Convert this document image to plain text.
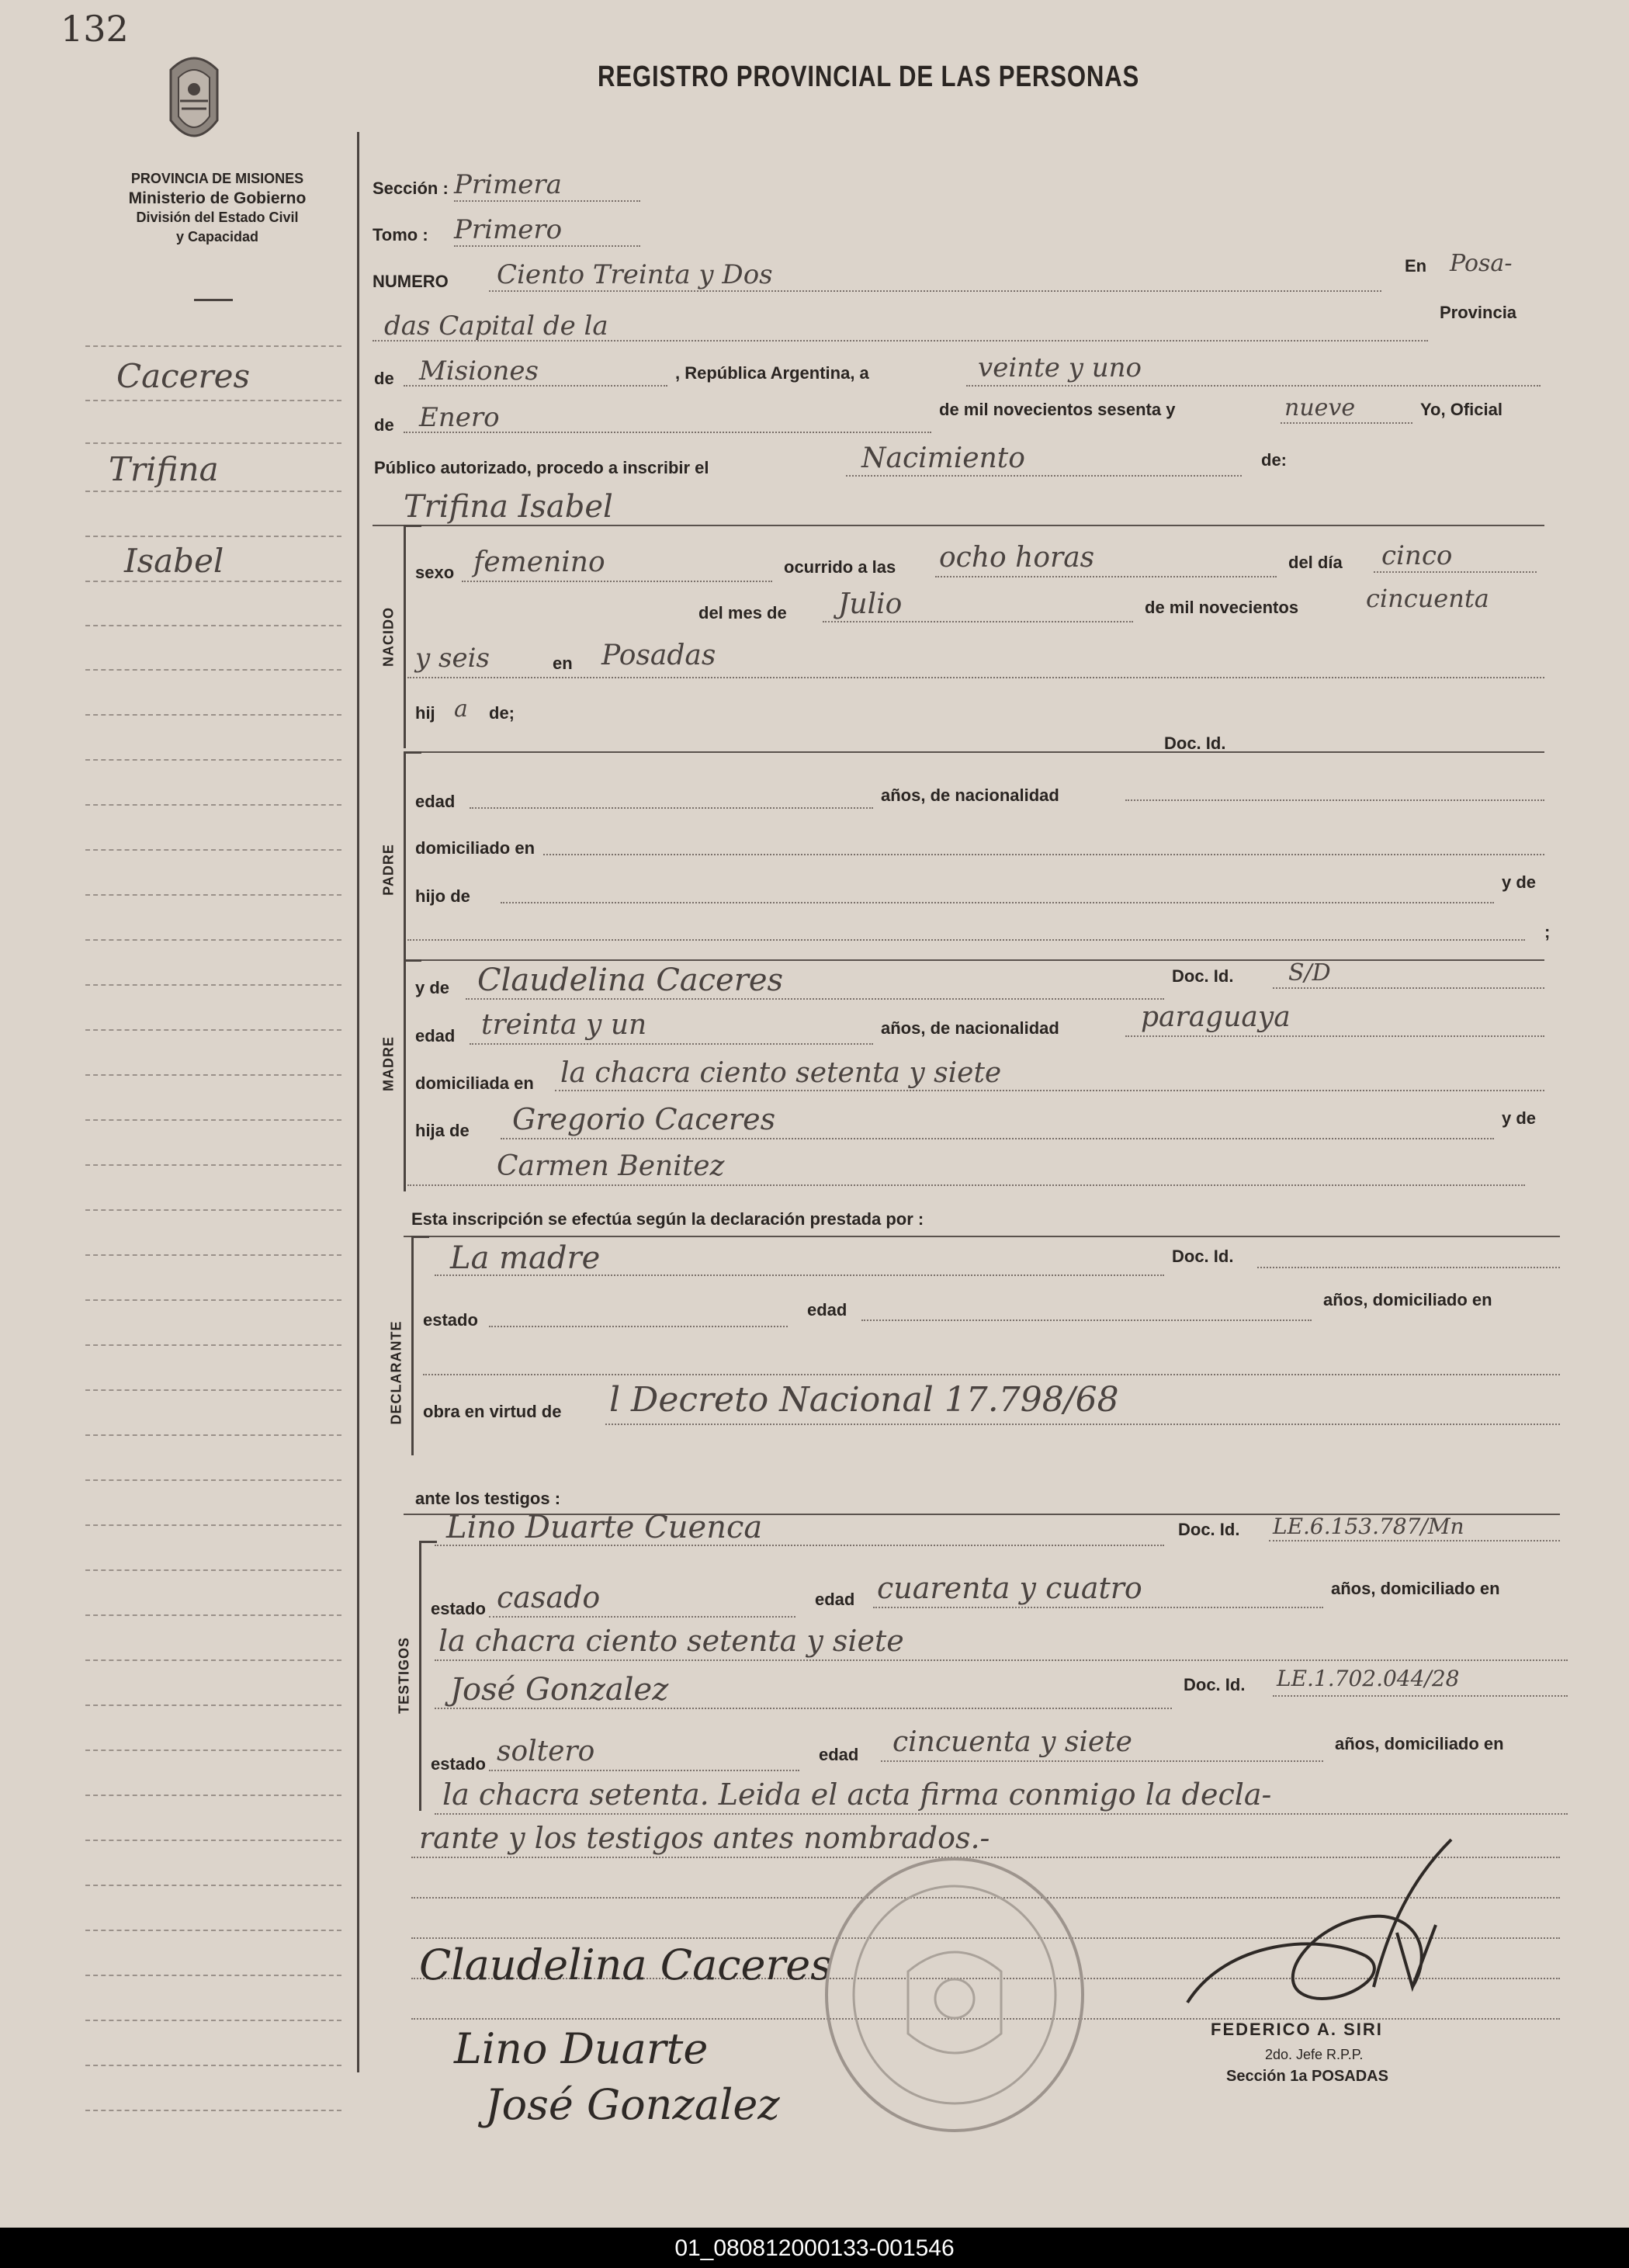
132
PROVINCIA DE MISIONES
Ministerio de Gobierno
División del Estado Civil
y Capacidad
REGISTRO PROVINCIAL DE LAS PERSONAS
Caceres
Trifina
Isabel
Sección : Primera
Tomo : Primero
NUMERO Ciento Treinta y Dos	En Posa-
das Capital de la	Provincia
de Misiones	, República Argentina, a	veinte y uno
de Enero	de mil novecientos sesenta y	nueve	Yo, Oficial
Público autorizado, procedo a inscribir el	Nacimiento	de:
Trifina Isabel
NACIDO
sexo femenino	ocurrido a las ocho horas	del día cinco
del mes de Julio	de mil novecientos	cincuenta
y seis	en Posadas
hij a de;
Doc. Id.
PADRE
edad	años, de nacionalidad
domiciliado en
hijo de
y de
;
MADRE
y de Claudelina Caceres	Doc. Id. S/D
edad treinta y un	años, de nacionalidad	paraguaya
domiciliada en la chacra ciento setenta y siete
hija de Gregorio Caceres	y de
Carmen Benitez
Esta inscripción se efectúa según la declaración prestada por :
DECLARANTE
La madre	Doc. Id.
estado
edad
años, domiciliado en
obra en virtud de l Decreto Nacional 17.798/68
ante los testigos :
TESTIGOS
Lino Duarte Cuenca	Doc. Id. LE.6.153.787/Mn
estado casado	edad cuarenta y cuatro	años, domiciliado en
la chacra ciento setenta y siete
José Gonzalez	Doc. Id. LE.1.702.044/28
estado soltero	edad cincuenta y siete	años, domiciliado en
la chacra setenta. Leida el acta firma conmigo la decla-
rante y los testigos antes nombrados.-
Claudelina Caceres
Lino Duarte
José Gonzalez
FEDERICO A. SIRI
2do. Jefe R.P.P.
Sección 1a POSADAS
01_080812000133-001546
